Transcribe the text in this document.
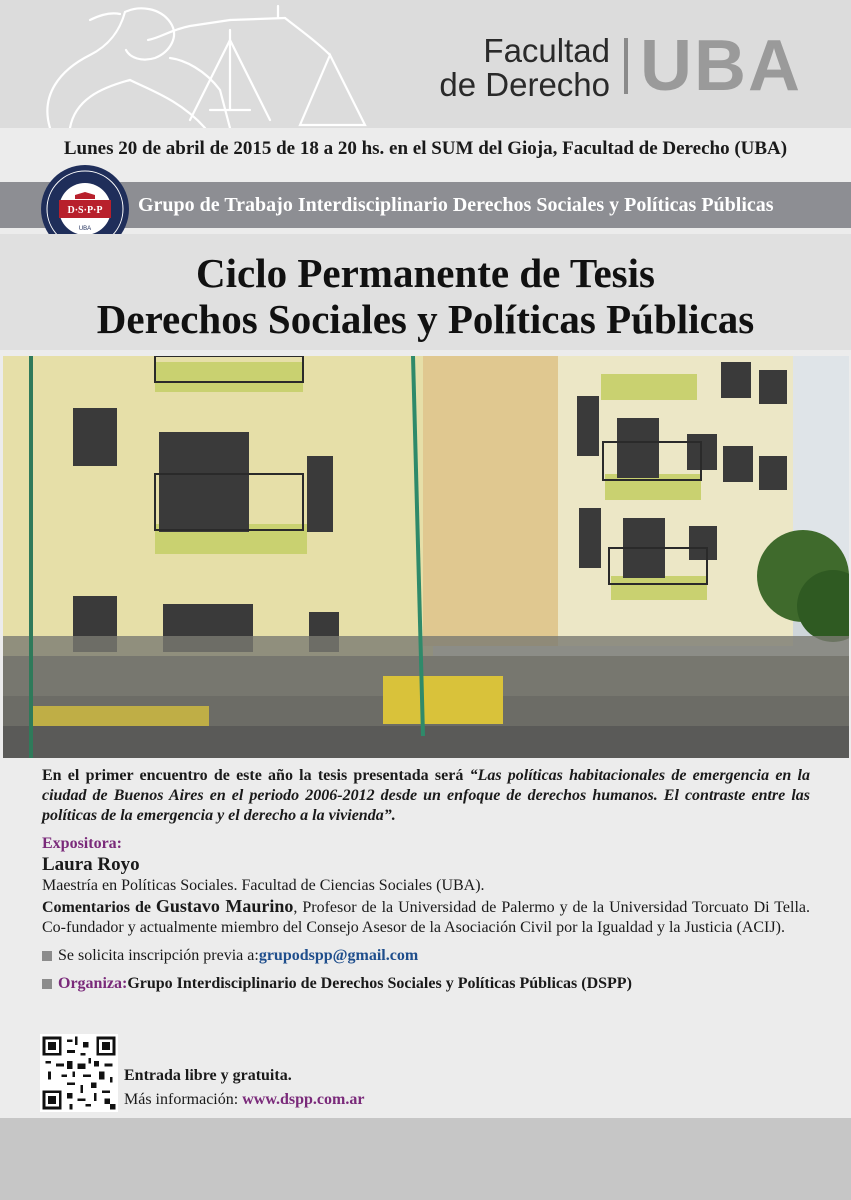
Facultad
de Derecho UBA
Lunes 20 de abril de 2015 de 18 a 20 hs. en el SUM del Gioja, Facultad de Derecho (UBA)
Grupo de Trabajo Interdisciplinario Derechos Sociales y Políticas Públicas
D·S·P·P
UBA
Ciclo Permanente de Tesis
Derechos Sociales y Políticas Públicas

En el primer encuentro de este año la tesis presentada será “Las políticas habitacionales de emergencia en la ciudad de Buenos Aires en el periodo 2006-2012 desde un enfoque de derechos humanos. El contraste entre las políticas de la emergencia y el derecho a la vivienda”.

Expositora:
Laura Royo

Maestría en Políticas Sociales. Facultad de Ciencias Sociales (UBA).

Comentarios de Gustavo Maurino, Profesor de la Universidad de Palermo y de la Universidad Torcuato Di Tella. Co-fundador y actualmente miembro del Consejo Asesor de la Asociación Civil por la Igualdad y la Justicia (ACIJ).

Se solicita inscripción previa a: grupodspp@gmail.com
Organiza: Grupo Interdisciplinario de Derechos Sociales y Políticas Públicas (DSPP)
Entrada libre y gratuita.
Más información: www.dspp.com.ar
